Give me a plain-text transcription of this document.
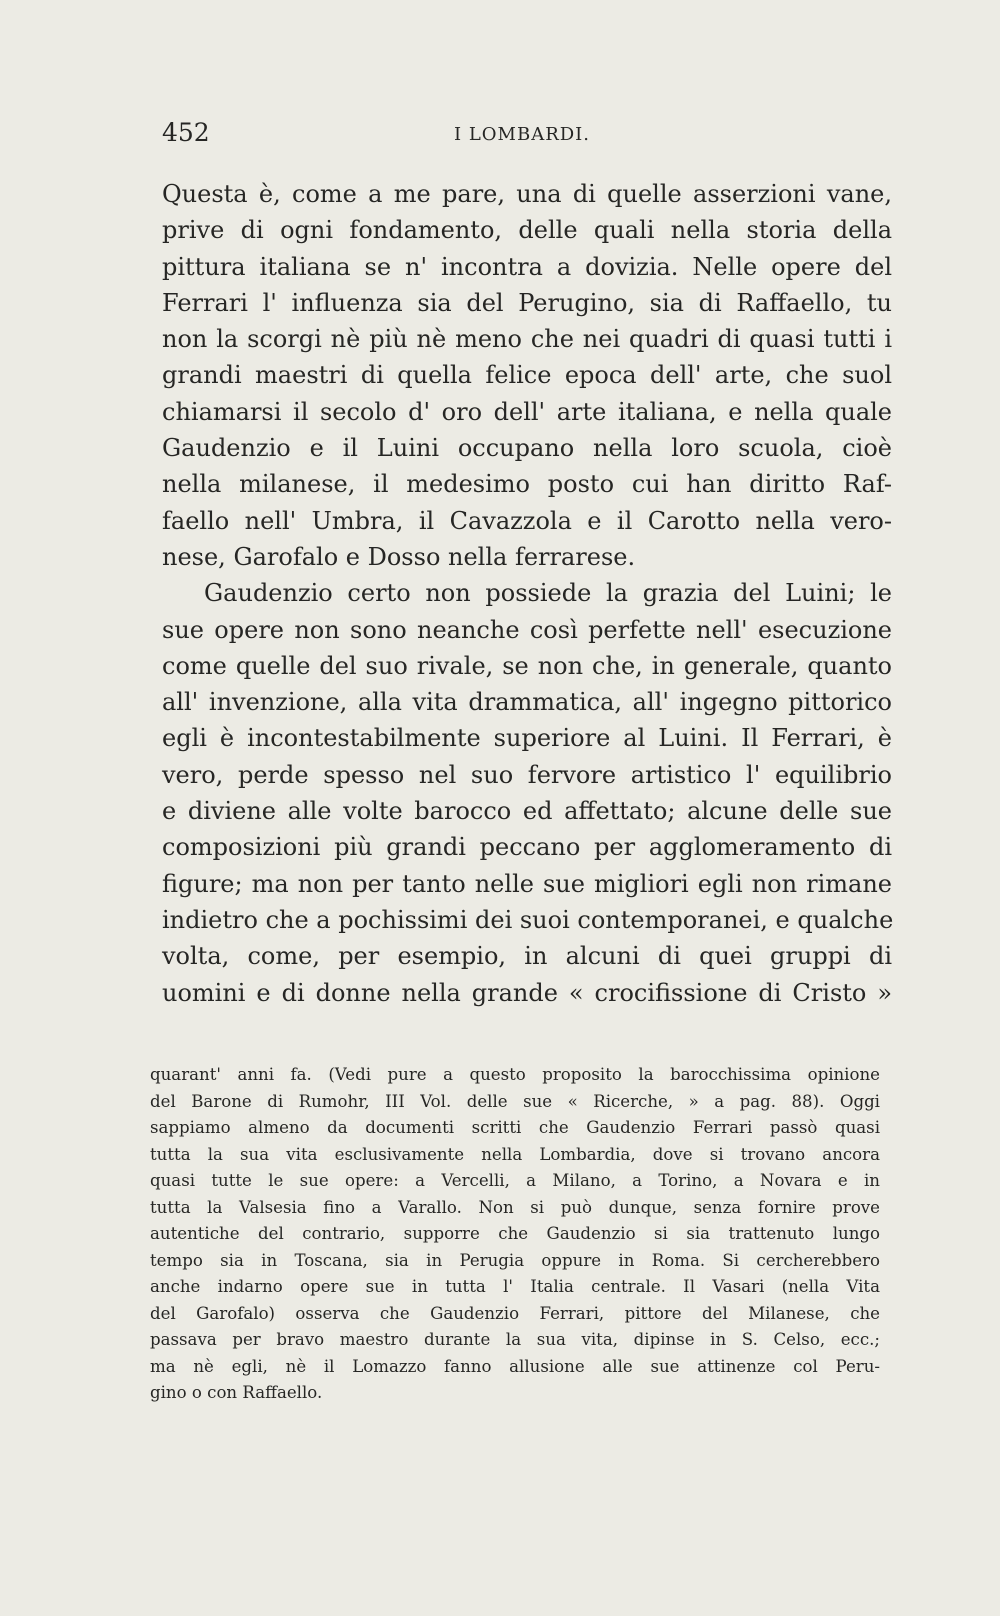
452	I LOMBARDI.
Questa è, come a me pare, una di quelle asserzioni vane,
prive di ogni fondamento, delle quali nella storia della
pittura italiana se n' incontra a dovizia. Nelle opere del
Ferrari l' influenza sia del Perugino, sia di Raffaello, tu
non la scorgi nè più nè meno che nei quadri di quasi tutti i
grandi maestri di quella felice epoca dell' arte, che suol
chiamarsi il secolo d' oro dell' arte italiana, e nella quale
Gaudenzio e il Luini occupano nella loro scuola, cioè
nella milanese, il medesimo posto cui han diritto Raf-
faello nell' Umbra, il Cavazzola e il Carotto nella vero-
nese, Garofalo e Dosso nella ferrarese.
Gaudenzio certo non possiede la grazia del Luini; le
sue opere non sono neanche così perfette nell' esecuzione
come quelle del suo rivale, se non che, in generale, quanto
all' invenzione, alla vita drammatica, all' ingegno pittorico
egli è incontestabilmente superiore al Luini. Il Ferrari, è
vero, perde spesso nel suo fervore artistico l' equilibrio
e diviene alle volte barocco ed affettato; alcune delle sue
composizioni più grandi peccano per agglomeramento di
figure; ma non per tanto nelle sue migliori egli non rimane
indietro che a pochissimi dei suoi contemporanei, e qualche
volta, come, per esempio, in alcuni di quei gruppi di
uomini e di donne nella grande « crocifissione di Cristo »
quarant' anni fa. (Vedi pure a questo proposito la barocchissima opinione
del Barone di Rumohr, III Vol. delle sue « Ricerche, » a pag. 88). Oggi
sappiamo almeno da documenti scritti che Gaudenzio Ferrari passò quasi
tutta la sua vita esclusivamente nella Lombardia, dove si trovano ancora
quasi tutte le sue opere: a Vercelli, a Milano, a Torino, a Novara e in
tutta la Valsesia fino a Varallo. Non si può dunque, senza fornire prove
autentiche del contrario, supporre che Gaudenzio si sia trattenuto lungo
tempo sia in Toscana, sia in Perugia oppure in Roma. Si cercherebbero
anche indarno opere sue in tutta l' Italia centrale. Il Vasari (nella Vita
del Garofalo) osserva che Gaudenzio Ferrari, pittore del Milanese, che
passava per bravo maestro durante la sua vita, dipinse in S. Celso, ecc.;
ma nè egli, nè il Lomazzo fanno allusione alle sue attinenze col Peru-
gino o con Raffaello.
